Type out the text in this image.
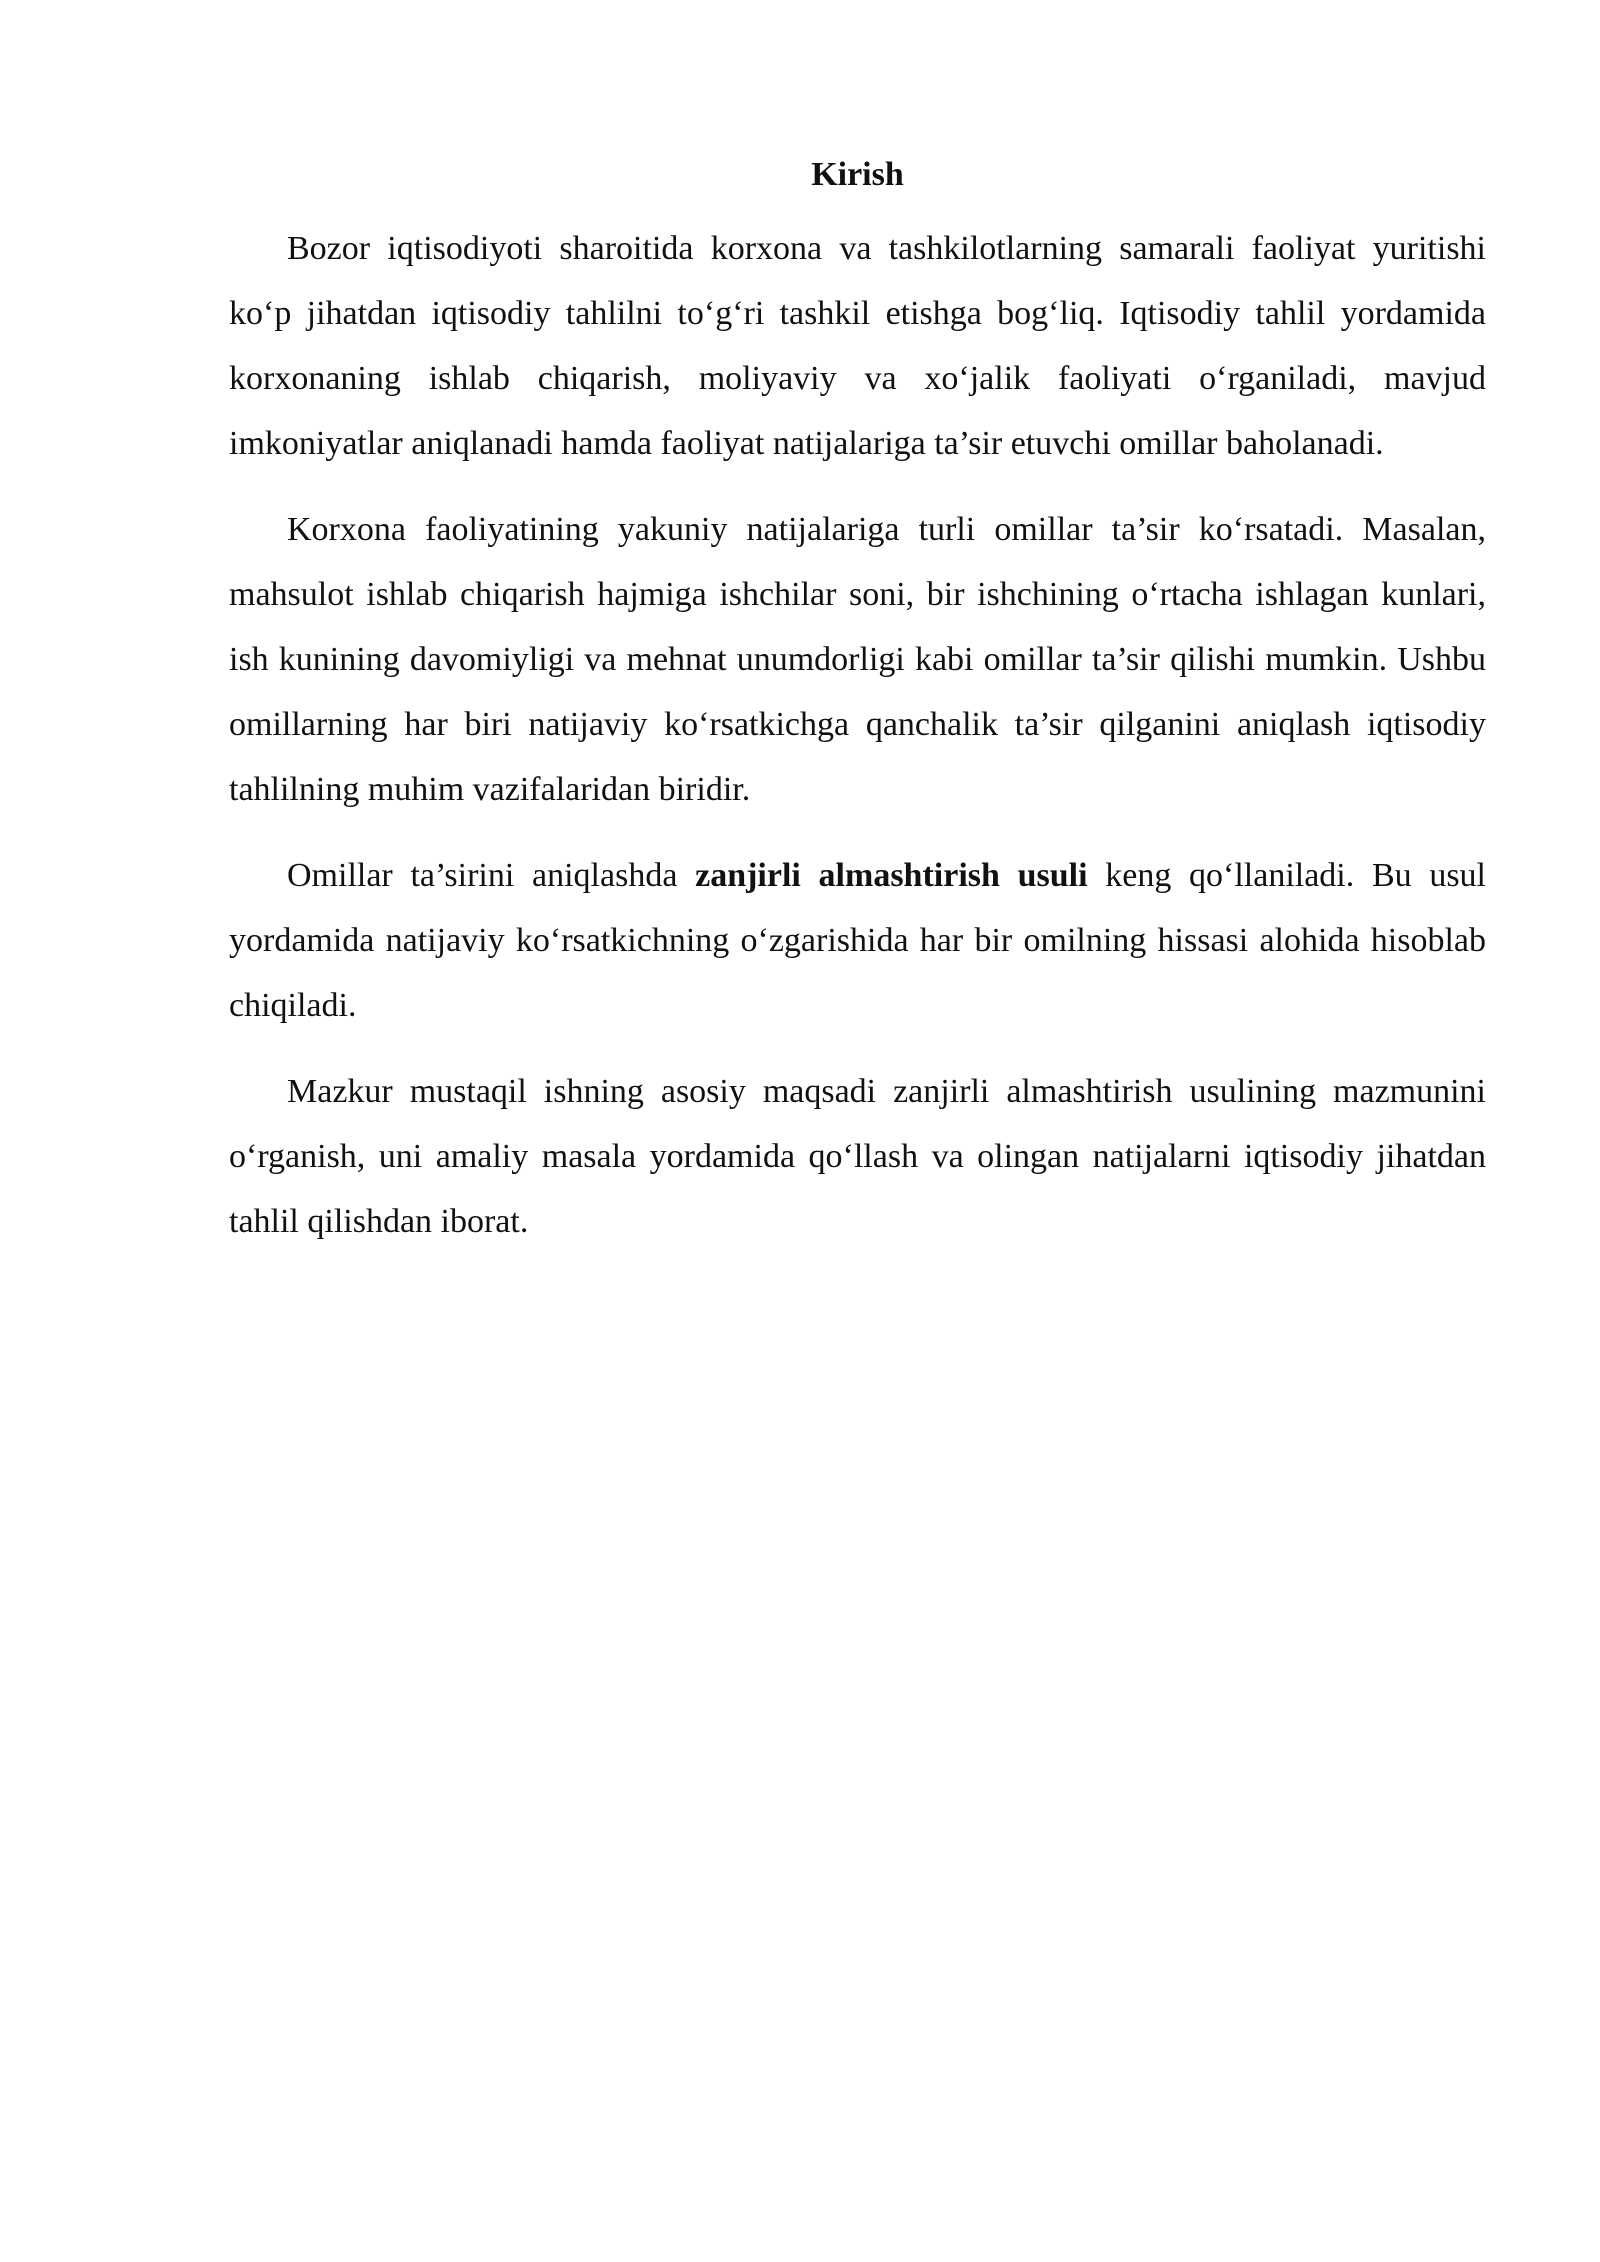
Kirish

Bozor iqtisodiyoti sharoitida korxona va tashkilotlarning samarali faoliyat yuritishi ko‘p jihatdan iqtisodiy tahlilni to‘g‘ri tashkil etishga bog‘liq. Iqtisodiy tahlil yordamida korxonaning ishlab chiqarish, moliyaviy va xo‘jalik faoliyati o‘rganiladi, mavjud imkoniyatlar aniqlanadi hamda faoliyat natijalariga ta’sir etuvchi omillar baholanadi.

Korxona faoliyatining yakuniy natijalariga turli omillar ta’sir ko‘rsatadi. Masalan, mahsulot ishlab chiqarish hajmiga ishchilar soni, bir ishchining o‘rtacha ishlagan kunlari, ish kunining davomiyligi va mehnat unumdorligi kabi omillar ta’sir qilishi mumkin. Ushbu omillarning har biri natijaviy ko‘rsatkichga qanchalik ta’sir qilganini aniqlash iqtisodiy tahlilning muhim vazifalaridan biridir.

Omillar ta’sirini aniqlashda zanjirli almashtirish usuli keng qo‘llaniladi. Bu usul yordamida natijaviy ko‘rsatkichning o‘zgarishida har bir omilning hissasi alohida hisoblab chiqiladi.

Mazkur mustaqil ishning asosiy maqsadi zanjirli almashtirish usulining mazmunini o‘rganish, uni amaliy masala yordamida qo‘llash va olingan natijalarni iqtisodiy jihatdan tahlil qilishdan iborat.
